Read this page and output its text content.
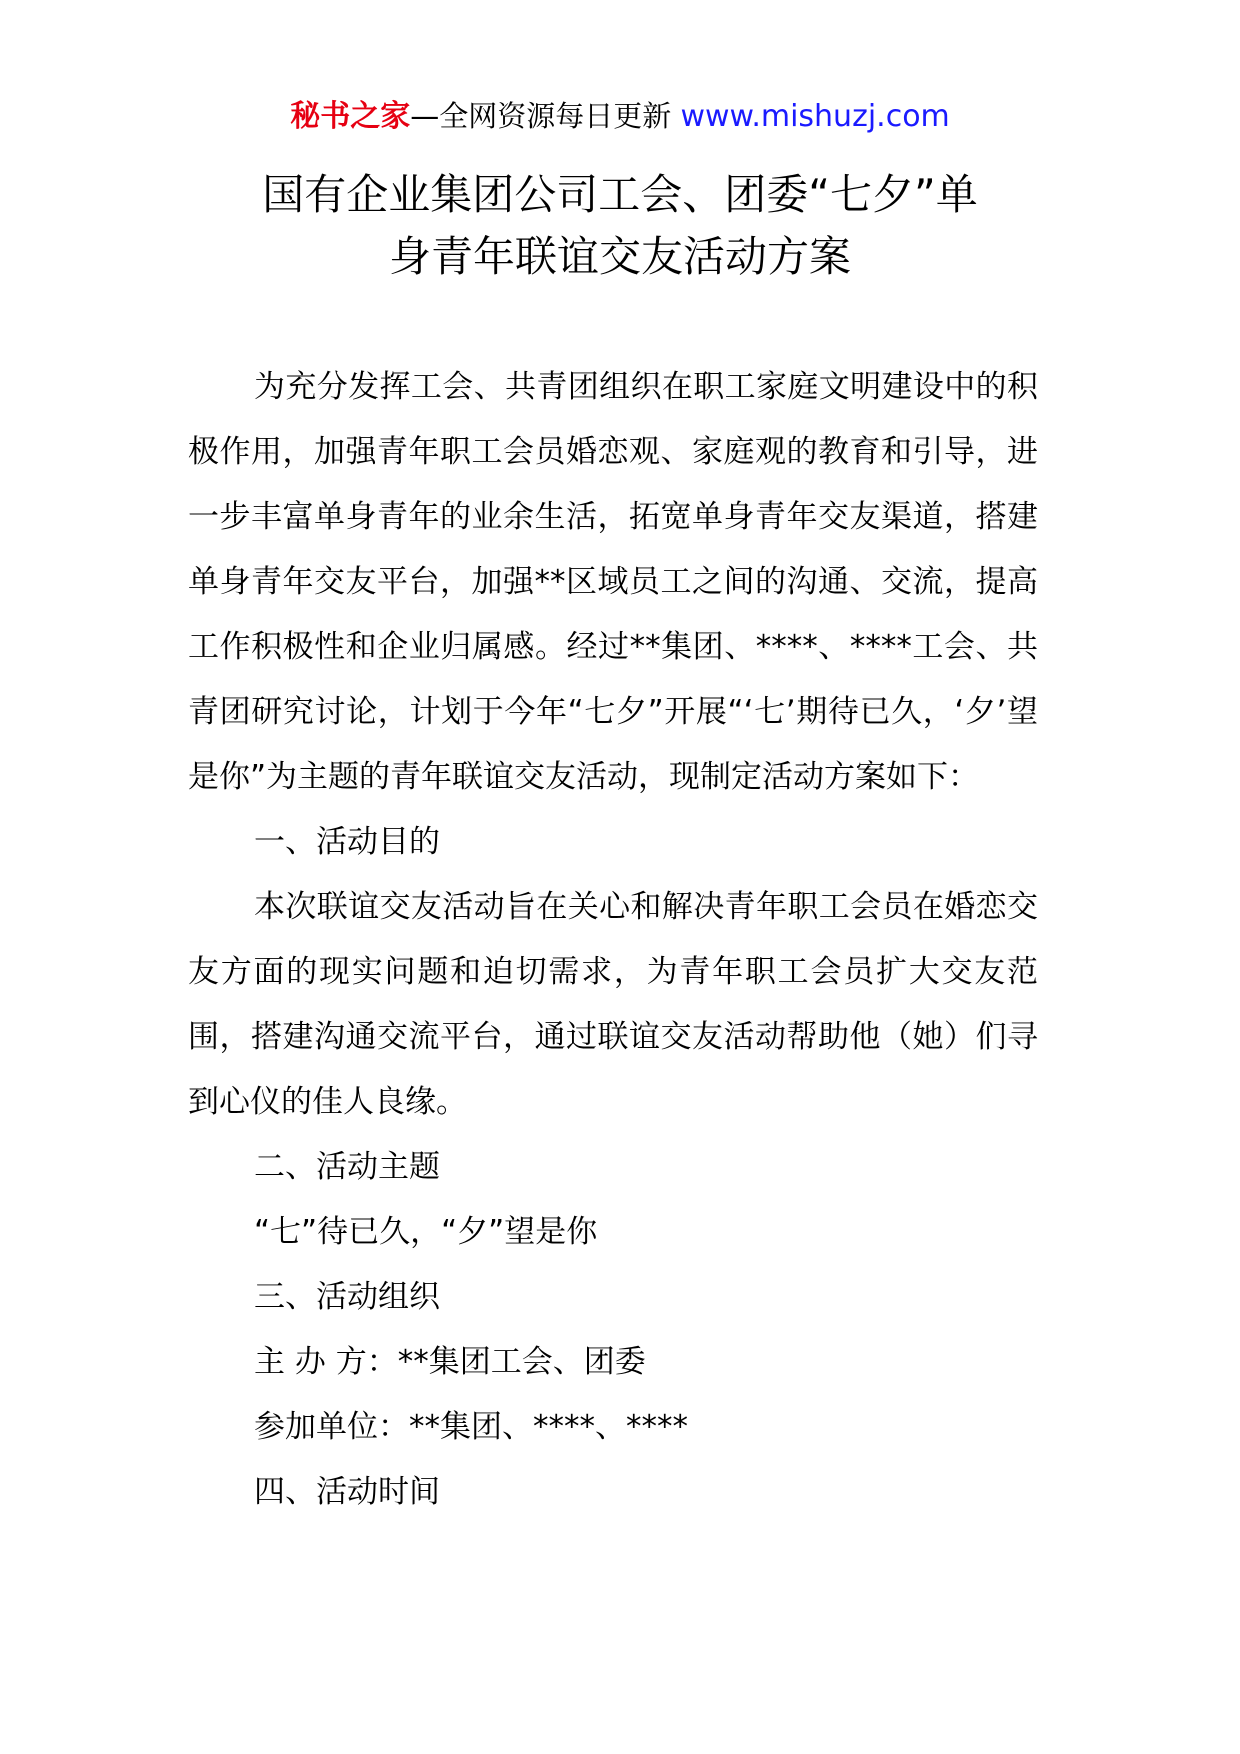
秘书之家—全网资源每日更新 www.mishuzj.com
国有企业集团公司工会、团委“七夕”单
身青年联谊交友活动方案

为充分发挥工会、共青团组织在职工家庭文明建设中的积极作用，加强青年职工会员婚恋观、家庭观的教育和引导，进一步丰富单身青年的业余生活，拓宽单身青年交友渠道，搭建单身青年交友平台，加强**区域员工之间的沟通、交流，提高工作积极性和企业归属感。经过**集团、****、****工会、共青团研究讨论，计划于今年“七夕”开展“‘七’期待已久，‘夕’望是你”为主题的青年联谊交友活动，现制定活动方案如下：

一、活动目的

本次联谊交友活动旨在关心和解决青年职工会员在婚恋交友方面的现实问题和迫切需求，为青年职工会员扩大交友范围，搭建沟通交流平台，通过联谊交友活动帮助他（她）们寻到心仪的佳人良缘。

二、活动主题

“七”待已久，“夕”望是你

三、活动组织

主 办 方：**集团工会、团委

参加单位：**集团、****、****

四、活动时间
